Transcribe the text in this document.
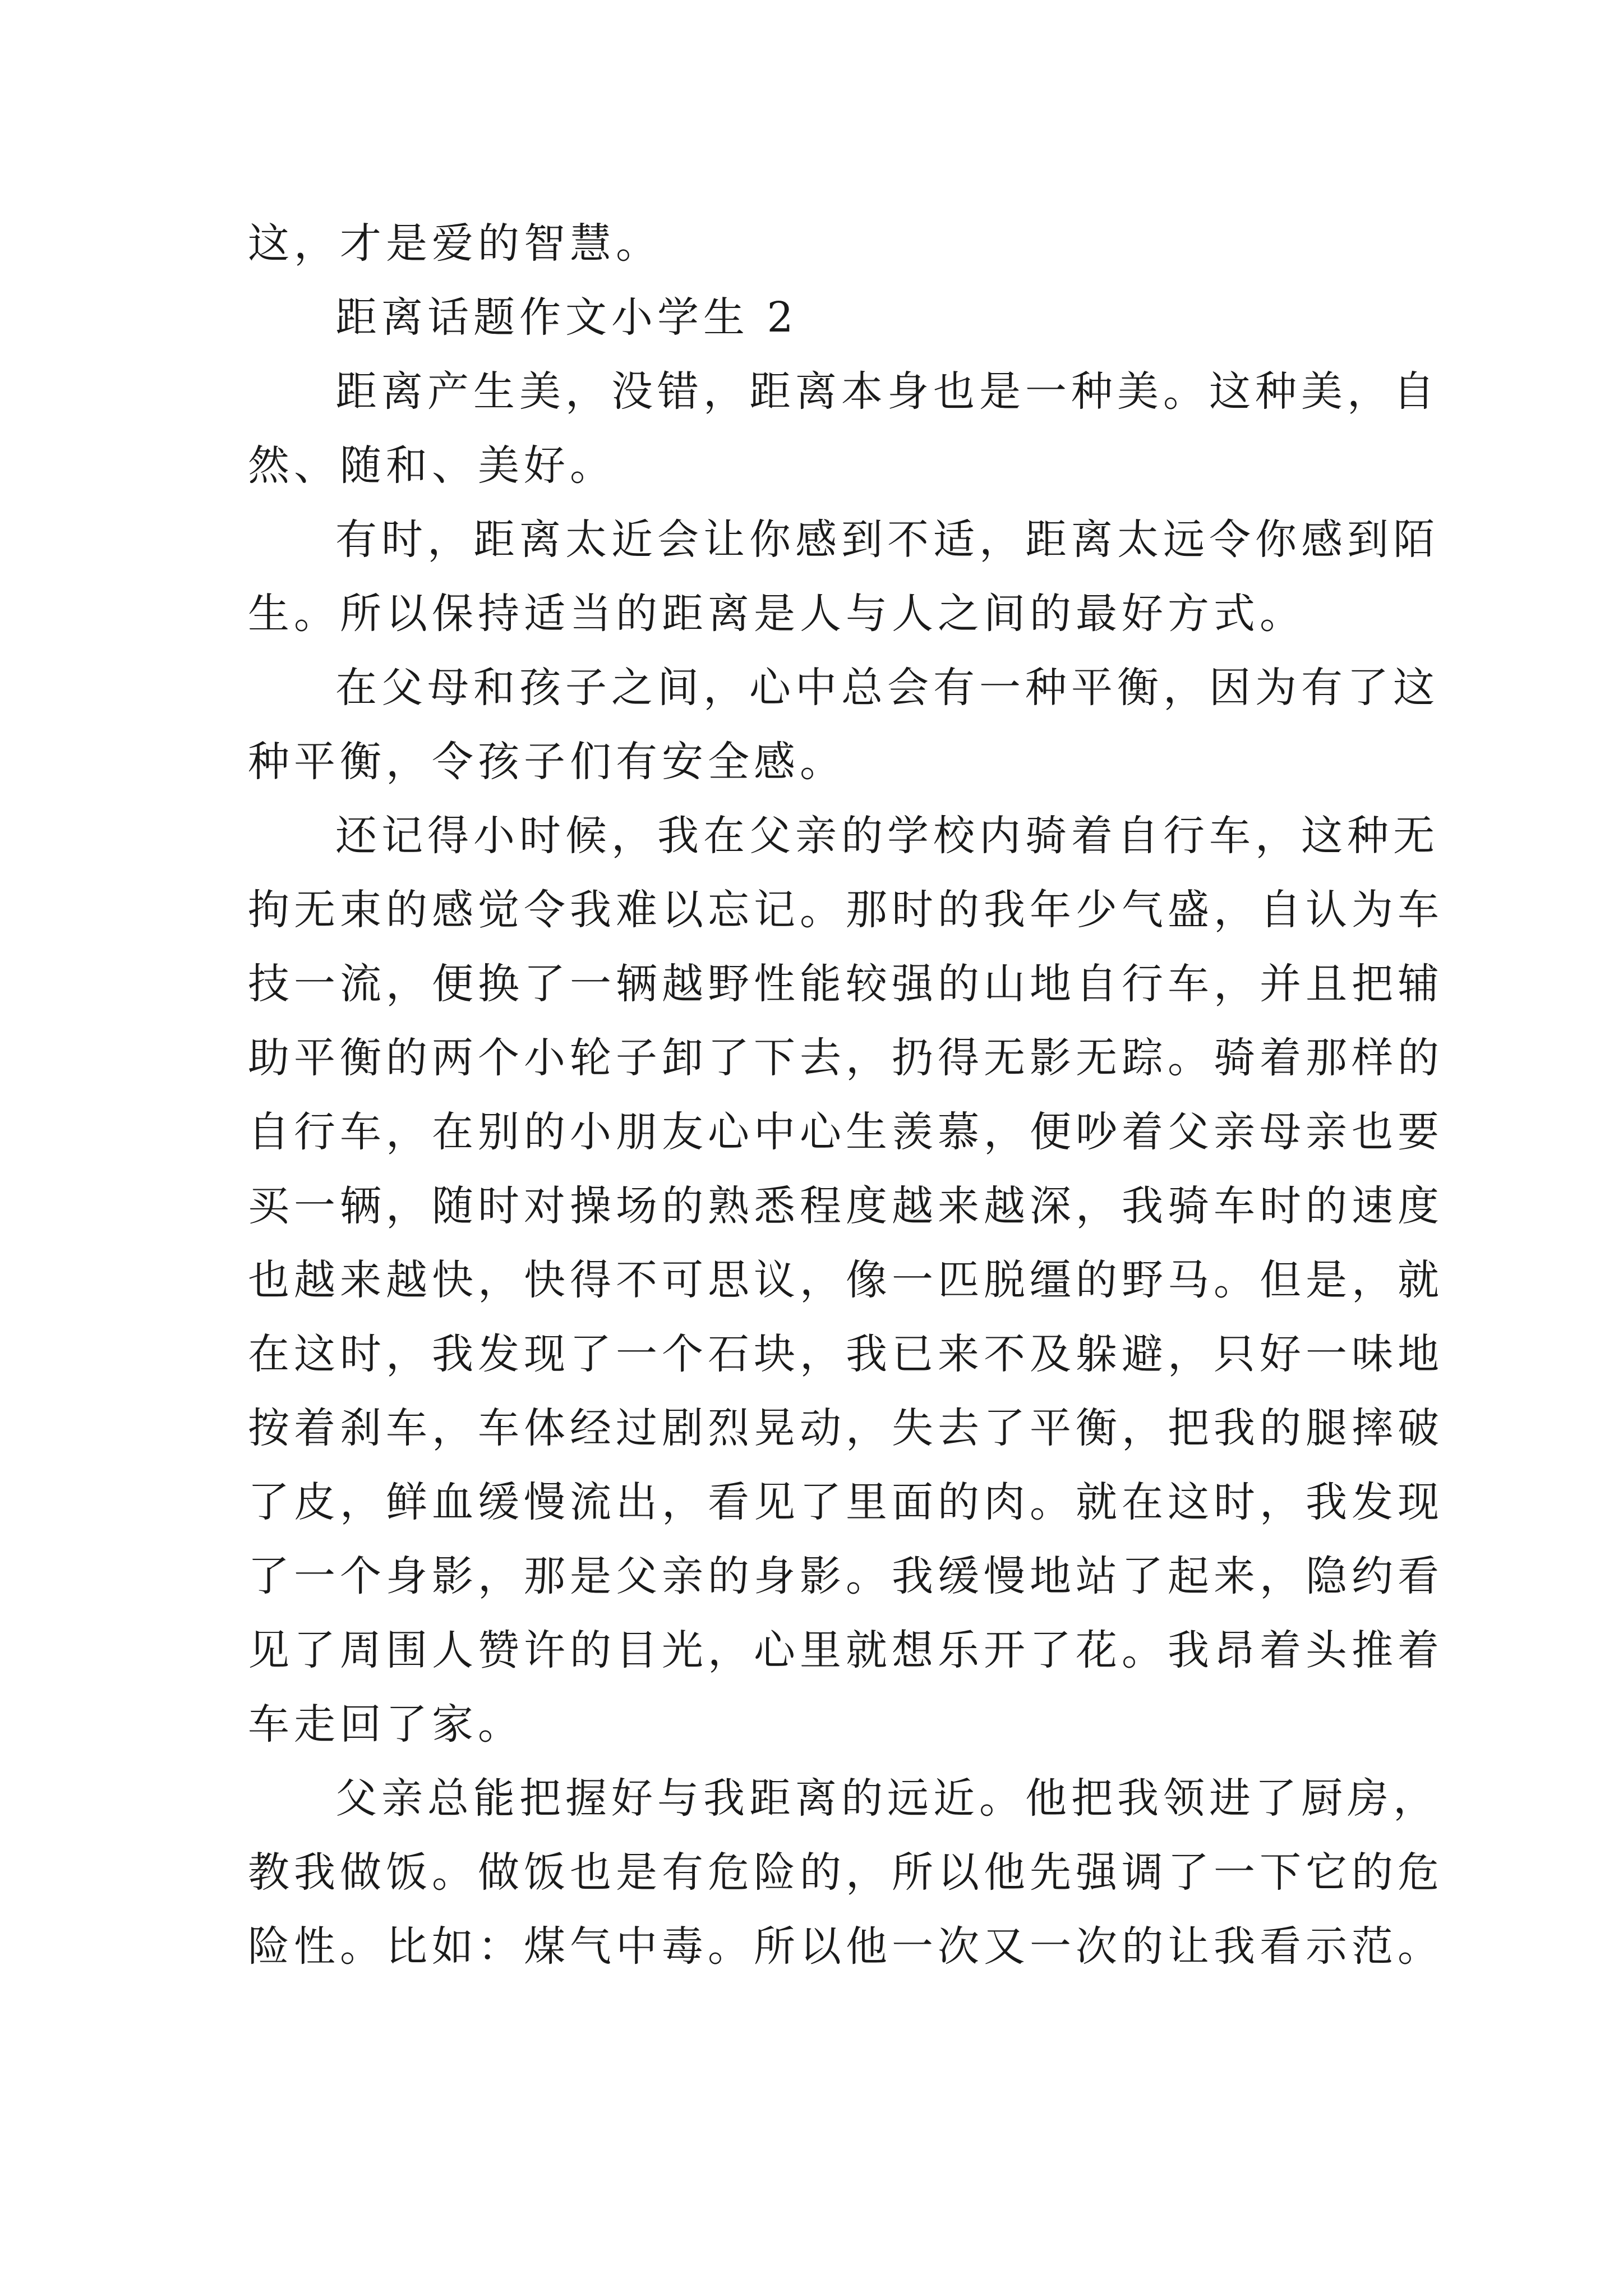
这，才是爱的智慧。

距离话题作文小学生 2

距离产生美，没错，距离本身也是一种美。这种美，自
然、随和、美好。

有时，距离太近会让你感到不适，距离太远令你感到陌
生。所以保持适当的距离是人与人之间的最好方式。

在父母和孩子之间，心中总会有一种平衡，因为有了这
种平衡，令孩子们有安全感。

还记得小时候，我在父亲的学校内骑着自行车，这种无
拘无束的感觉令我难以忘记。那时的我年少气盛，自认为车
技一流，便换了一辆越野性能较强的山地自行车，并且把辅
助平衡的两个小轮子卸了下去，扔得无影无踪。骑着那样的
自行车，在别的小朋友心中心生羡慕，便吵着父亲母亲也要
买一辆，随时对操场的熟悉程度越来越深，我骑车时的速度
也越来越快，快得不可思议，像一匹脱缰的野马。但是，就
在这时，我发现了一个石块，我已来不及躲避，只好一味地
按着刹车，车体经过剧烈晃动，失去了平衡，把我的腿摔破
了皮，鲜血缓慢流出，看见了里面的肉。就在这时，我发现
了一个身影，那是父亲的身影。我缓慢地站了起来，隐约看
见了周围人赞许的目光，心里就想乐开了花。我昂着头推着
车走回了家。

父亲总能把握好与我距离的远近。他把我领进了厨房，
教我做饭。做饭也是有危险的，所以他先强调了一下它的危
险性。比如：煤气中毒。所以他一次又一次的让我看示范。
